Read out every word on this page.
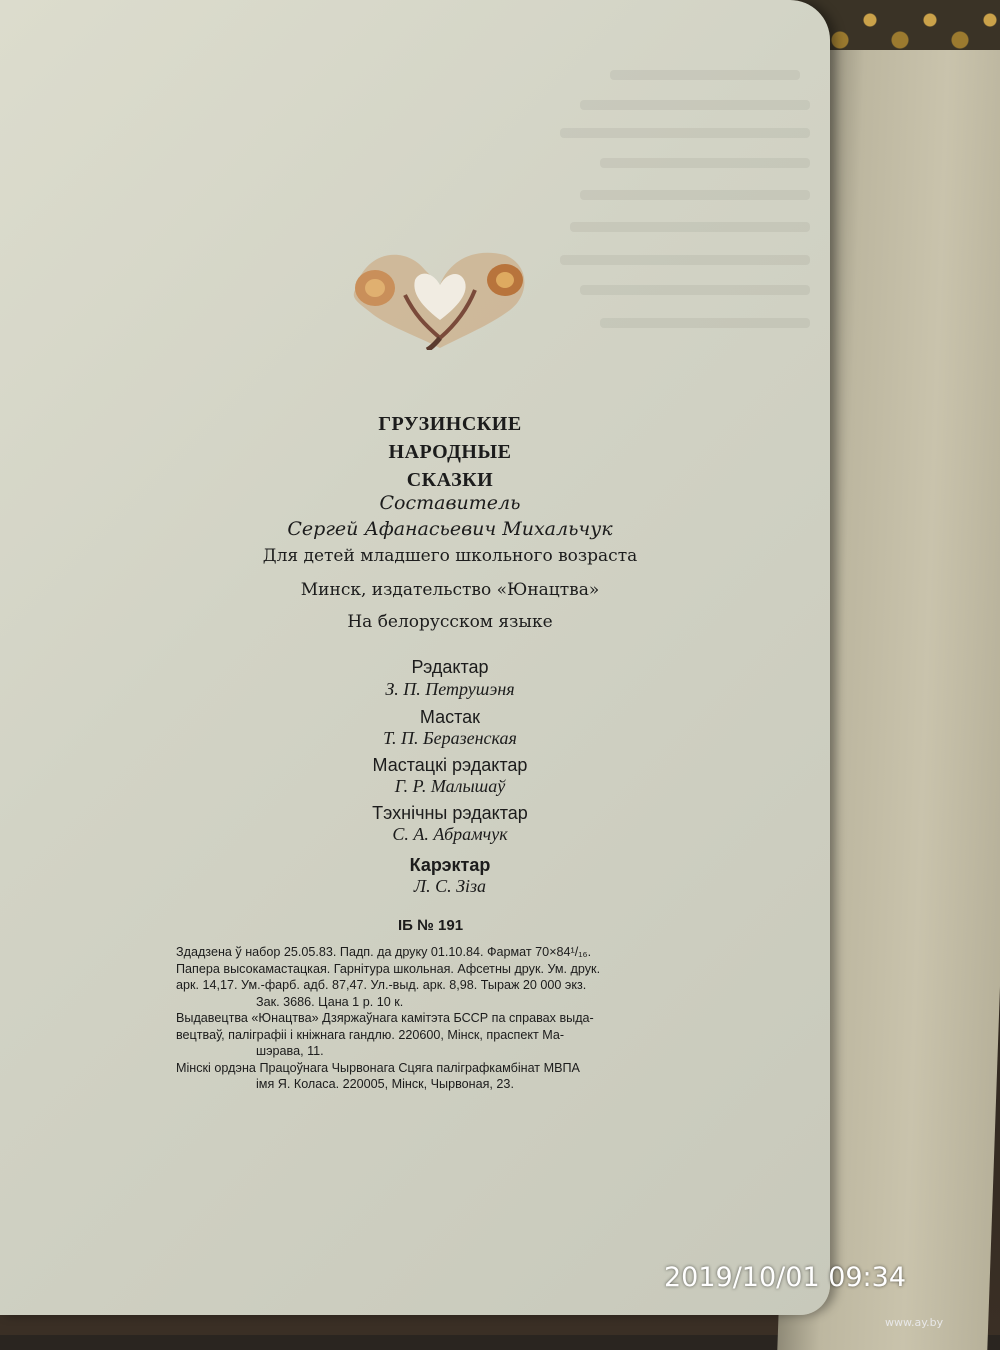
ГРУЗИНСКИЕ
НАРОДНЫЕ
СКАЗКИ
Составитель
Сергей Афанасьевич Михальчук
Для детей младшего школьного возраста
Минск, издательство «Юнацтва»
На белорусском языке
Рэдактар
З. П. Петрушэня
Мастак
Т. П. Беразенская
Мастацкі рэдактар
Г. Р. Малышаў
Тэхнічны рэдактар
С. А. Абрамчук
Карэктар
Л. С. Зіза
ІБ № 191
Здадзена ў набор 25.05.83. Падп. да друку 01.10.84. Фармат 70×84¹/₁₆.
Папера высокамастацкая. Гарнітура школьная. Афсетны друк. Ум. друк.
арк. 14,17. Ум.-фарб. адб. 87,47. Ул.-выд. арк. 8,98. Тыраж 20 000 экз.
Зак. 3686. Цана 1 р. 10 к.
Выдавецтва «Юнацтва» Дзяржаўнага камітэта БССР па справах выда-
вецтваў, паліграфіі і кніжнага гандлю. 220600, Мінск, праспект Ма-
шэрава, 11.
Мінскі ордэна Працоўнага Чырвонага Сцяга паліграфкамбінат МВПА
імя Я. Коласа. 220005, Мінск, Чырвоная, 23.
2019/10/01 09:34
www.ay.by
